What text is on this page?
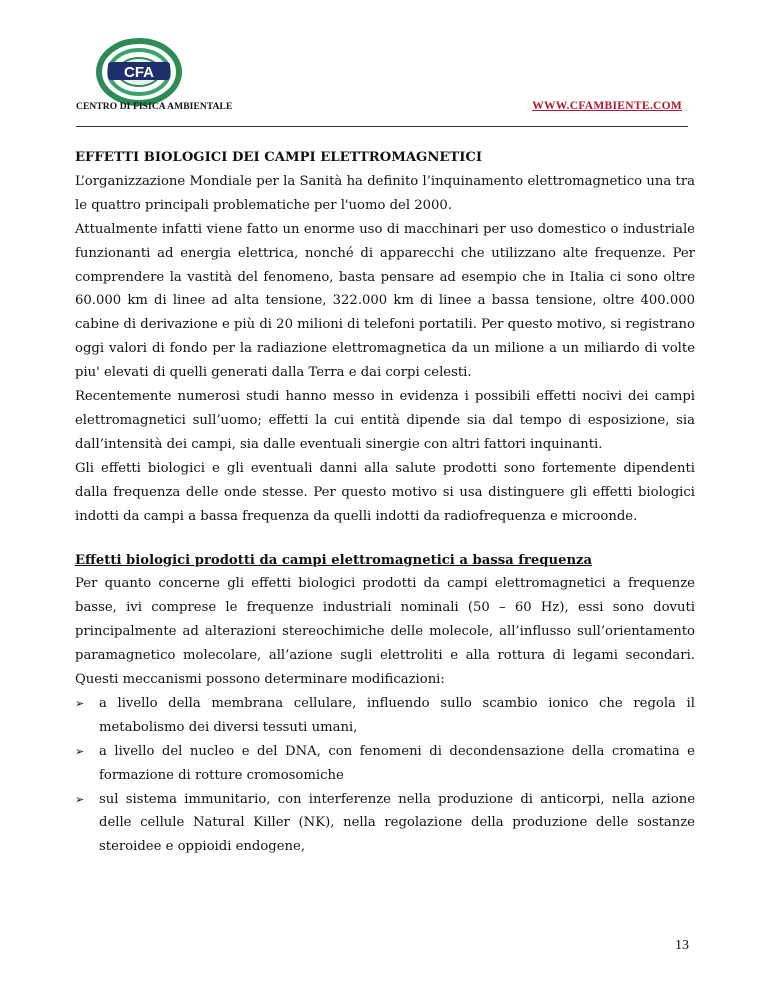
CFA
CENTRO DI FISICA AMBIENTALE	WWW.CFAMBIENTE.COM

EFFETTI BIOLOGICI DEI CAMPI ELETTROMAGNETICI

L’organizzazione Mondiale per la Sanità ha definito l’inquinamento elettromagnetico una tra le quattro principali problematiche per l'uomo del 2000.

Attualmente infatti viene fatto un enorme uso di macchinari per uso domestico o industriale funzionanti ad energia elettrica, nonché di apparecchi che utilizzano alte frequenze. Per comprendere la vastità del fenomeno, basta pensare ad esempio che in Italia ci sono oltre 60.000 km di linee ad alta tensione, 322.000 km di linee a bassa tensione, oltre 400.000 cabine di derivazione e più di 20 milioni di telefoni portatili. Per questo motivo, si registrano oggi valori di fondo per la radiazione elettromagnetica da un milione a un miliardo di volte piu' elevati di quelli generati dalla Terra e dai corpi celesti.

Recentemente numerosi studi hanno messo in evidenza i possibili effetti nocivi dei campi elettromagnetici sull’uomo; effetti la cui entità dipende sia dal tempo di esposizione, sia dall’intensità dei campi, sia dalle eventuali sinergie con altri fattori inquinanti.

Gli effetti biologici e gli eventuali danni alla salute prodotti sono fortemente dipendenti dalla frequenza delle onde stesse. Per questo motivo si usa distinguere gli effetti biologici indotti da campi a bassa frequenza da quelli indotti da radiofrequenza e microonde.

Effetti biologici prodotti da campi elettromagnetici a bassa frequenza

Per quanto concerne gli effetti biologici prodotti da campi elettromagnetici a frequenze basse, ivi comprese le frequenze industriali nominali (50 – 60 Hz), essi sono dovuti principalmente ad alterazioni stereochimiche delle molecole, all’influsso sull’orientamento paramagnetico molecolare, all’azione sugli elettroliti e alla rottura di legami secondari. Questi meccanismi possono determinare modificazioni:

➢ a livello della membrana cellulare, influendo sullo scambio ionico che regola il metabolismo dei diversi tessuti umani,
➢ a livello del nucleo e del DNA, con fenomeni di decondensazione della cromatina e formazione di rotture cromosomiche
➢ sul sistema immunitario, con interferenze nella produzione di anticorpi, nella azione delle cellule Natural Killer (NK), nella regolazione della produzione delle sostanze steroidee e oppioidi endogene,
13
